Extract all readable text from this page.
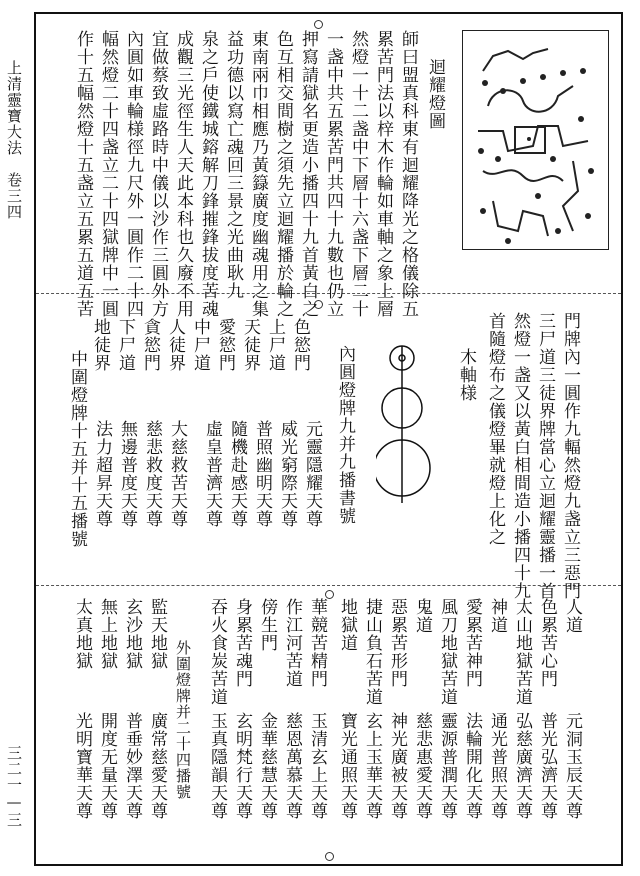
上清靈寶大法　卷三四
三二一—三
迴耀燈圖
師曰盟真科東有迴耀降光之格儀除五
累苦門法以梓木作輪如車軸之象上層
然燈一十二盏中下層十六盏下層二十
一盏中共五累苦門共四十九數也仍立
押寫請獄名更造小播四十九首黃白之
色互相交間樹之須先立迴耀播於輪之
東南兩巾相應乃黃籙廣度幽魂用之集
益功德以寫亡魂回三景之光曲耿九
泉之戶使鐵城鎔解刀鋒摧鋒拔度苦魂
成觀三光徑生人天此本科也久廢不用
宜做蔡致虛路時中儀以沙作三圓外方
內圓如車輪様徑九尺外一圓作二十四
幅然燈二十四盏立二十四獄牌中一圓
作十五幅然燈十五盏立五累五道五苦
門牌內一圓作九輻然燈九盏立三惡門
三尸道三徒界牌當心立迴耀靈播一首
然燈一盏又以黃白相間造小播四十九
首隨燈布之儀燈畢就燈上化之
木軸様
內圓燈牌九并九播書號
元靈隱耀天尊
威光窮際天尊
普照幽明天尊
隨機赴感天尊
虛皇普濟天尊
大慈救苦天尊
慈悲救度天尊
無邊普度天尊
法力超昇天尊
中圍燈牌十五并十五播號
色慾門
上尸道
天徒界
愛慾門
中尸道
人徒界
貪慾門
下尸道
地徒界
人道
色累苦心門
太山地獄苦道
神道
愛累苦神門
風刀地獄苦道
鬼道
惡累苦形門
捷山負石苦道
地獄道
華競苦精門
作江河苦道
傍生門
身累苦魂門
吞火食炭苦道
外圍燈牌并二十四播號
監天地獄
玄沙地獄
無上地獄
太真地獄
元洞玉辰天尊
普光弘濟天尊
弘慈廣濟天尊
通光普照天尊
法輪開化天尊
靈源普潤天尊
慈悲惠愛天尊
神光廣被天尊
玄上玉華天尊
寶光通照天尊
玉清玄上天尊
慈恩萬慕天尊
金華慈慧天尊
玄明梵行天尊
玉真隱韻天尊
廣常慈愛天尊
普垂妙澤天尊
開度无量天尊
光明寶華天尊
